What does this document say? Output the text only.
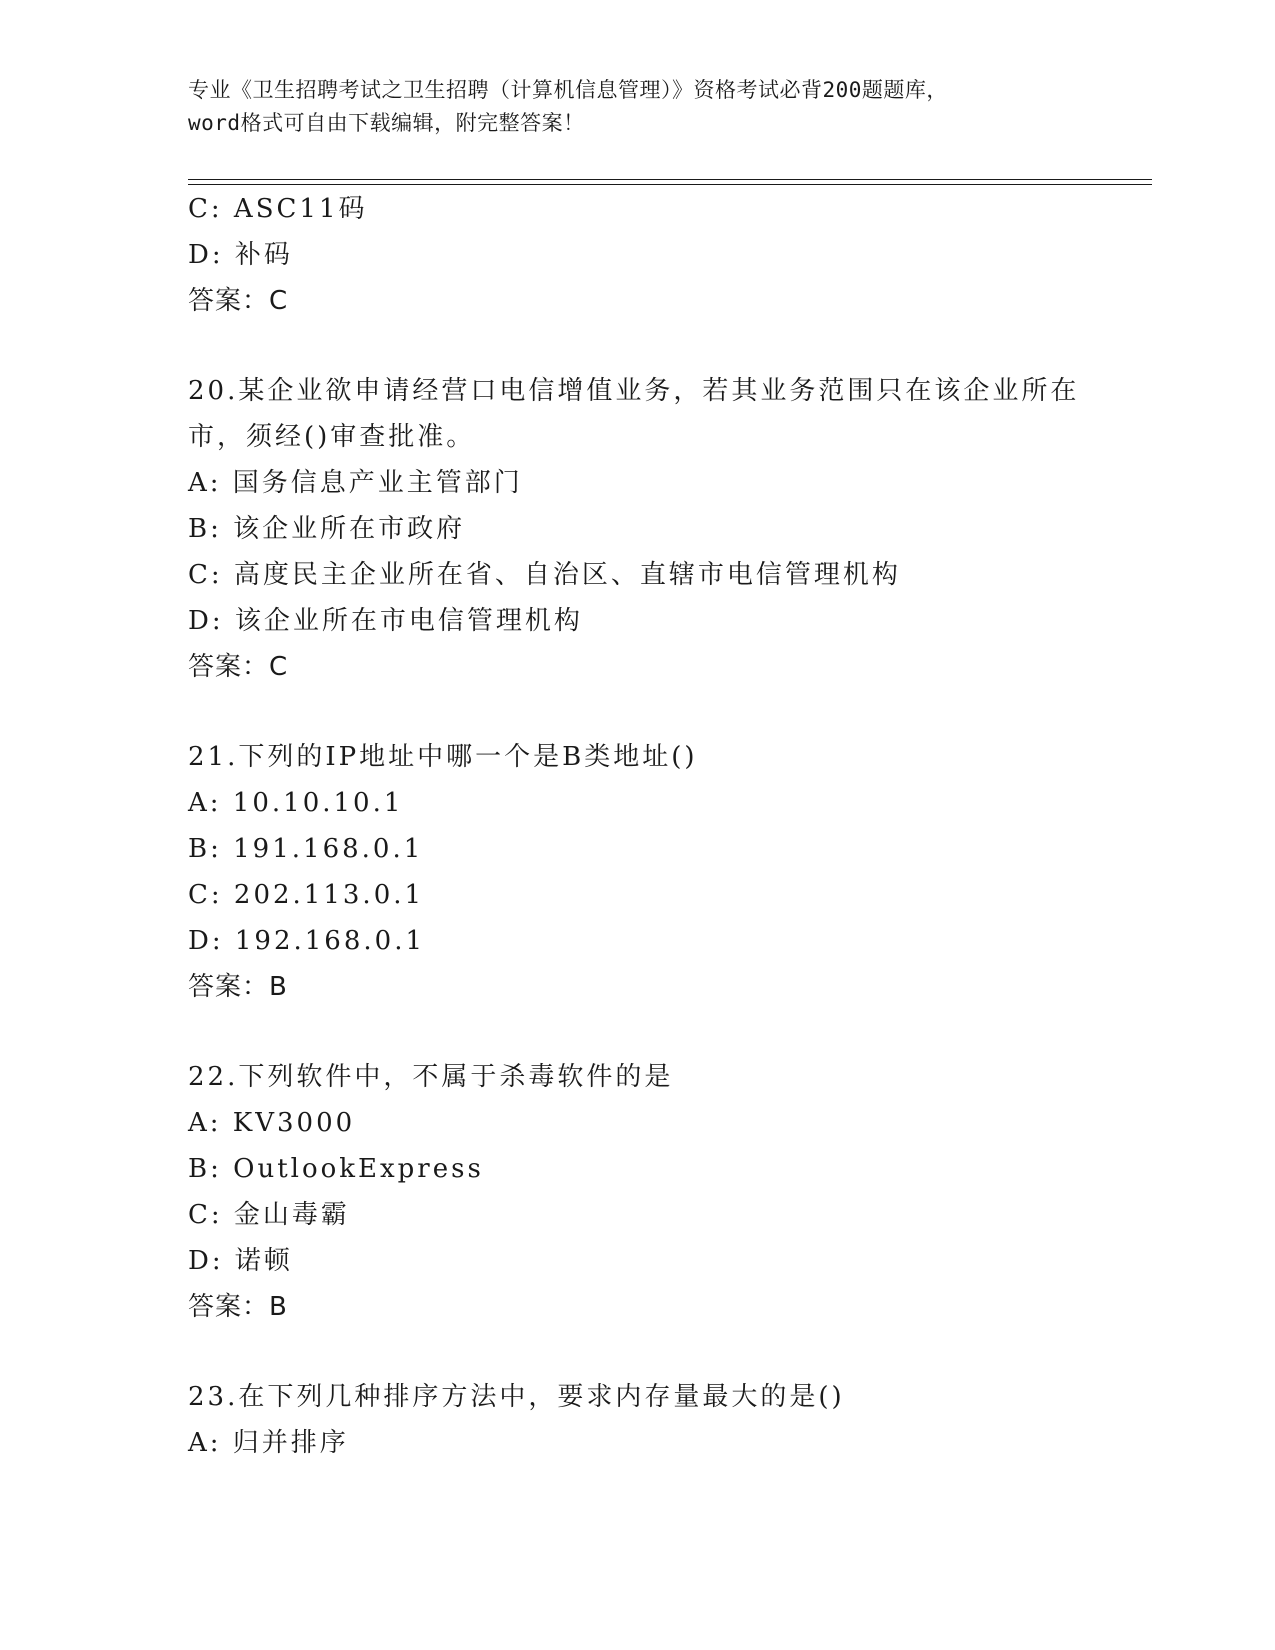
专业《卫生招聘考试之卫生招聘（计算机信息管理）》资格考试必背200题题库，
word格式可自由下载编辑，附完整答案！
C: ASC11码
D: 补码
答案：C
20.某企业欲申请经营口电信增值业务，若其业务范围只在该企业所在
市，须经()审查批准。
A: 国务信息产业主管部门
B: 该企业所在市政府
C: 高度民主企业所在省、自治区、直辖市电信管理机构
D: 该企业所在市电信管理机构
答案：C
21.下列的IP地址中哪一个是B类地址()
A: 10.10.10.1
B: 191.168.0.1
C: 202.113.0.1
D: 192.168.0.1
答案：B
22.下列软件中，不属于杀毒软件的是
A: KV3000
B: OutlookExpress
C: 金山毒霸
D: 诺顿
答案：B
23.在下列几种排序方法中，要求内存量最大的是()
A: 归并排序
